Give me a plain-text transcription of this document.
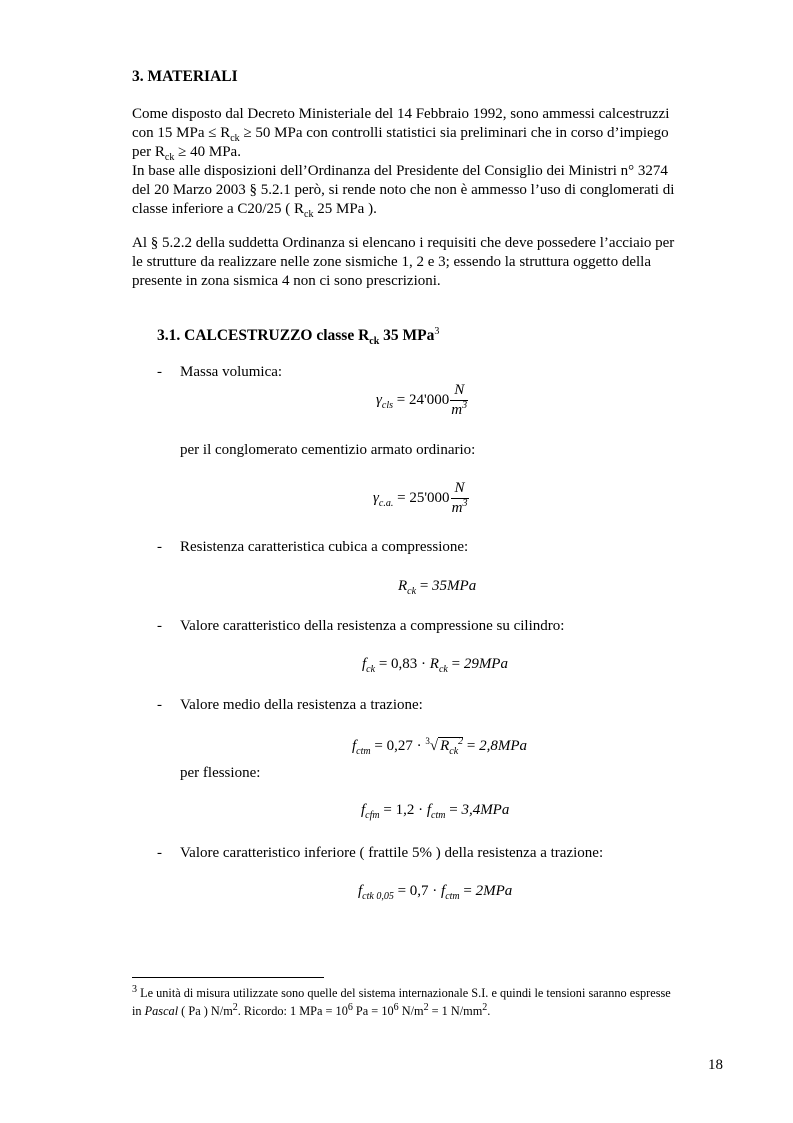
3. MATERIALI
Come disposto dal Decreto Ministeriale del 14 Febbraio 1992, sono ammessi calcestruzzi
con 15 MPa ≤ $R_{ck} \ge 50$ MPa con controlli statistici sia preliminari che in corso d’impiego
per $R_{ck} \ge 40$ MPa.
In base alle disposizioni dell’Ordinanza del Presidente del Consiglio dei Ministri n° 3274
del 20 Marzo 2003 § 5.2.1 però, si rende noto che non è ammesso l’uso di conglomerati di
classe inferiore a C20/25 ( $R_{ck}$ 25 MPa ).
Al § 5.2.2 della suddetta Ordinanza si elencano i requisiti che deve possedere l’acciaio per
le strutture da realizzare nelle zone sismiche 1, 2 e 3; essendo la struttura oggetto della
presente in zona sismica 4 non ci sono prescrizioni.
3.1. CALCESTRUZZO classe $R_{ck}$ 35 MPa$^3$
- Massa volumica:
$\gamma_{cls} = 24'000 \frac{N}{m^3}$
per il conglomerato cementizio armato ordinario:
$\gamma_{c.a.} = 25'000 \frac{N}{m^3}$
- Resistenza caratteristica cubica a compressione:
$R_{ck} = 35MPa$
- Valore caratteristico della resistenza a compressione su cilindro:
$f_{ck} = 0,83 \cdot R_{ck} = 29MPa$
- Valore medio della resistenza a trazione:
$f_{ctm} = 0,27 \cdot ^3√$ $R_{ck}^2 = 2,8MPa$
per flessione:
$f_{cfm} = 1,2 \cdot f_{ctm} = 3,4MPa$
- Valore caratteristico inferiore ( frattile 5% ) della resistenza a trazione:
$f_{ctk 0,05} = 0,7 \cdot f_{ctm} = 2MPa$
$^3$ Le unità di misura utilizzate sono quelle del sistema internazionale S.I. e quindi le tensioni saranno espresse
in Pascal ( Pa ) $N/m^2$. Ricordo: 1 MPa = $10^6$ $Pa = 10^6$ $N/m^2 = 1$ $N/mm^2$.
18
